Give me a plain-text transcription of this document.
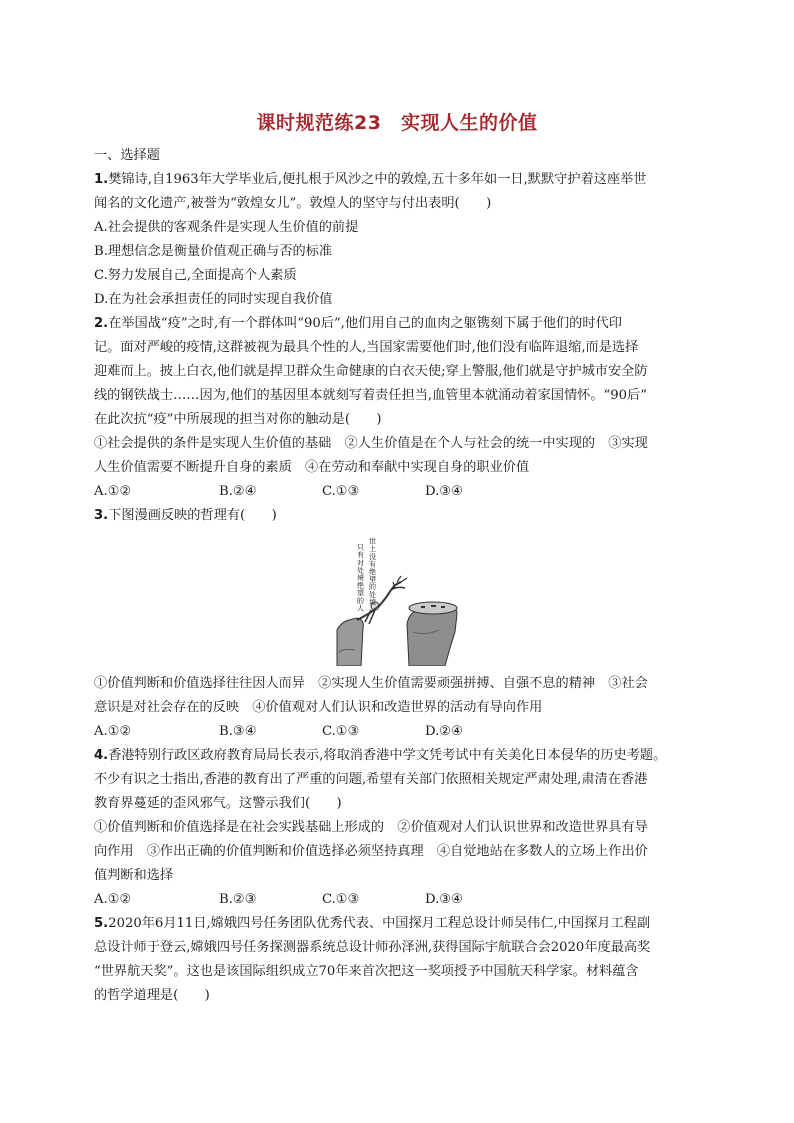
课时规范练23　实现人生的价值
一、选择题
1.樊锦诗,自1963年大学毕业后,便扎根于风沙之中的敦煌,五十多年如一日,默默守护着这座举世
闻名的文化遗产,被誉为“敦煌女儿”。敦煌人的坚守与付出表明(　　)
A.社会提供的客观条件是实现人生价值的前提
B.理想信念是衡量价值观正确与否的标准
C.努力发展自己,全面提高个人素质
D.在为社会承担责任的同时实现自我价值
2.在举国战“疫”之时,有一个群体叫“90后”,他们用自己的血肉之躯镌刻下属于他们的时代印
记。面对严峻的疫情,这群被视为最具个性的人,当国家需要他们时,他们没有临阵退缩,而是选择
迎难而上。披上白衣,他们就是捍卫群众生命健康的白衣天使;穿上警服,他们就是守护城市安全防
线的钢铁战士……因为,他们的基因里本就刻写着责任担当,血管里本就涌动着家国情怀。“90后”
在此次抗“疫”中所展现的担当对你的触动是(　　)
①社会提供的条件是实现人生价值的基础　②人生价值是在个人与社会的统一中实现的　③实现
人生价值需要不断提升自身的素质　④在劳动和奉献中实现自身的职业价值
A.①②	B.②④	C.①③	D.③④
3.下图漫画反映的哲理有(　　)
世上没有绝望的处境
只有对处境绝望的人
①价值判断和价值选择往往因人而异　②实现人生价值需要顽强拼搏、自强不息的精神　③社会
意识是对社会存在的反映　④价值观对人们认识和改造世界的活动有导向作用
A.①②	B.③④	C.①③	D.②④
4.香港特别行政区政府教育局局长表示,将取消香港中学文凭考试中有关美化日本侵华的历史考题。
不少有识之士指出,香港的教育出了严重的问题,希望有关部门依照相关规定严肃处理,肃清在香港
教育界蔓延的歪风邪气。这警示我们(　　)
①价值判断和价值选择是在社会实践基础上形成的　②价值观对人们认识世界和改造世界具有导
向作用　③作出正确的价值判断和价值选择必须坚持真理　④自觉地站在多数人的立场上作出价
值判断和选择
A.①②	B.②③	C.①③	D.③④
5.2020年6月11日,嫦娥四号任务团队优秀代表、中国探月工程总设计师吴伟仁,中国探月工程副
总设计师于登云,嫦娥四号任务探测器系统总设计师孙泽洲,获得国际宇航联合会2020年度最高奖
“世界航天奖”。这也是该国际组织成立70年来首次把这一奖项授予中国航天科学家。材料蕴含
的哲学道理是(　　)
